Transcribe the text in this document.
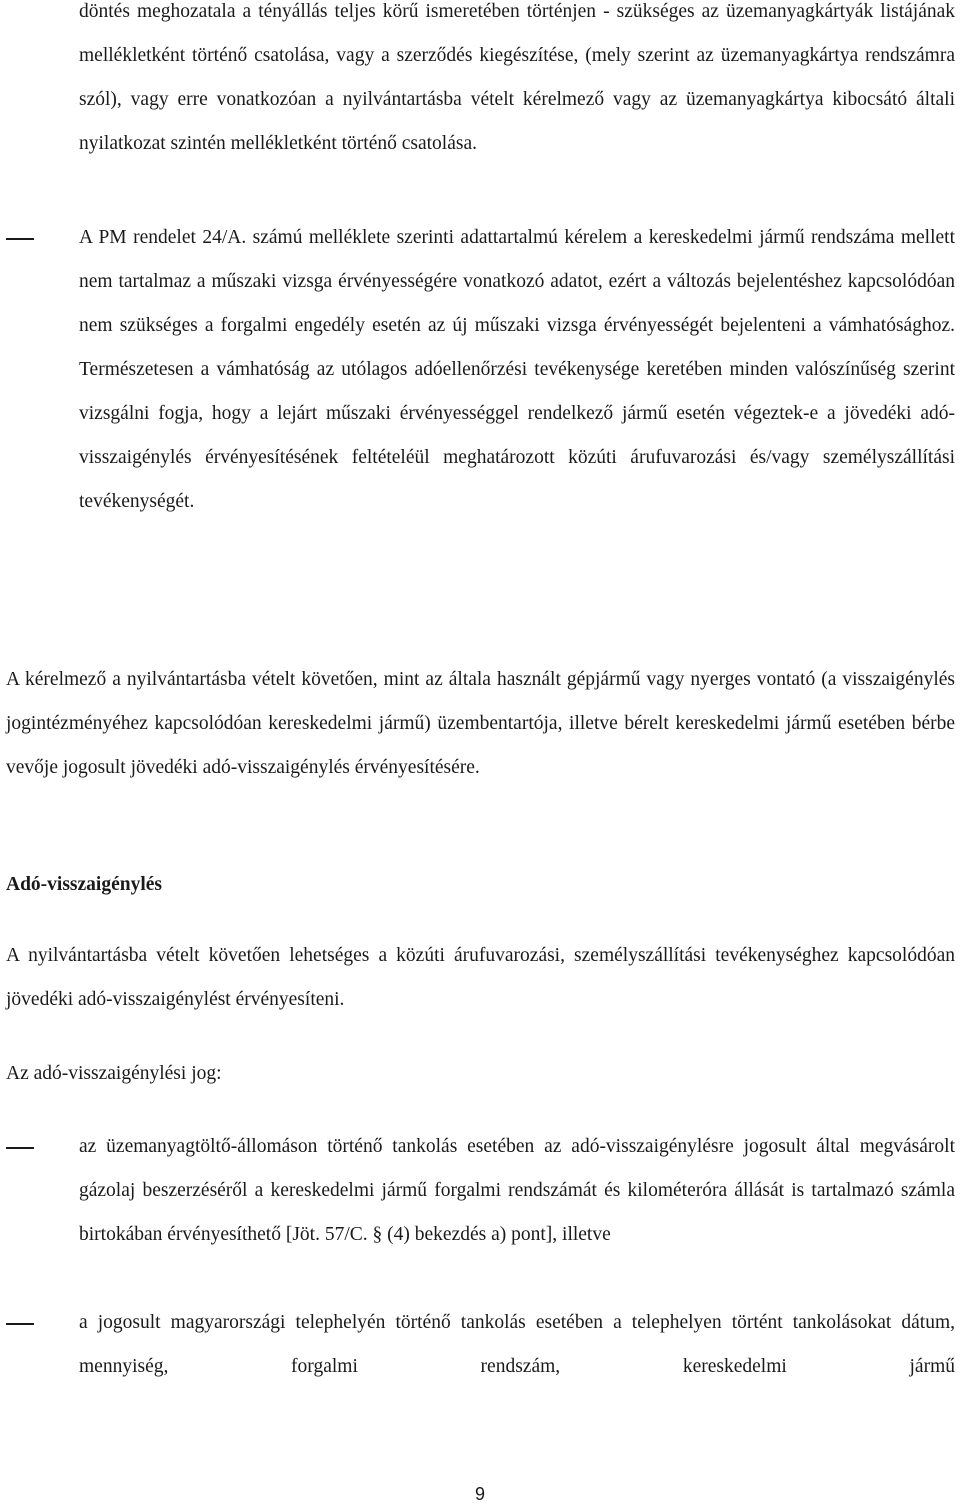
döntés meghozatala a tényállás teljes körű ismeretében történjen - szükséges az üzemanyagkártyák listájának mellékletként történő csatolása, vagy a szerződés kiegészítése, (mely szerint az üzemanyagkártya rendszámra szól), vagy erre vonatkozóan a nyilvántartásba vételt kérelmező vagy az üzemanyagkártya kibocsátó általi nyilatkozat szintén mellékletként történő csatolása.
A PM rendelet 24/A. számú melléklete szerinti adattartalmú kérelem a kereskedelmi jármű rendszáma mellett nem tartalmaz a műszaki vizsga érvényességére vonatkozó adatot, ezért a változás bejelentéshez kapcsolódóan nem szükséges a forgalmi engedély esetén az új műszaki vizsga érvényességét bejelenteni a vámhatósághoz. Természetesen a vámhatóság az utólagos adóellenőrzési tevékenysége keretében minden valószínűség szerint vizsgálni fogja, hogy a lejárt műszaki érvényességgel rendelkező jármű esetén végeztek-e a jövedéki adó-visszaigénylés érvényesítésének feltételéül meghatározott közúti árufuvarozási és/vagy személyszállítási tevékenységét.
A kérelmező a nyilvántartásba vételt követően, mint az általa használt gépjármű vagy nyerges vontató (a visszaigénylés jogintézményéhez kapcsolódóan kereskedelmi jármű) üzembentartója, illetve bérelt kereskedelmi jármű esetében bérbe vevője jogosult jövedéki adó-visszaigénylés érvényesítésére.
Adó-visszaigénylés
A nyilvántartásba vételt követően lehetséges a közúti árufuvarozási, személyszállítási tevékenységhez kapcsolódóan jövedéki adó-visszaigénylést érvényesíteni.
Az adó-visszaigénylési jog:
az üzemanyagtöltő-állomáson történő tankolás esetében az adó-visszaigénylésre jogosult által megvásárolt gázolaj beszerzéséről a kereskedelmi jármű forgalmi rendszámát és kilométeróra állását is tartalmazó számla birtokában érvényesíthető [Jöt. 57/C. § (4) bekezdés a) pont], illetve
a jogosult magyarországi telephelyén történő tankolás esetében a telephelyen történt tankolásokat dátum, mennyiség, forgalmi rendszám, kereskedelmi jármű
9
